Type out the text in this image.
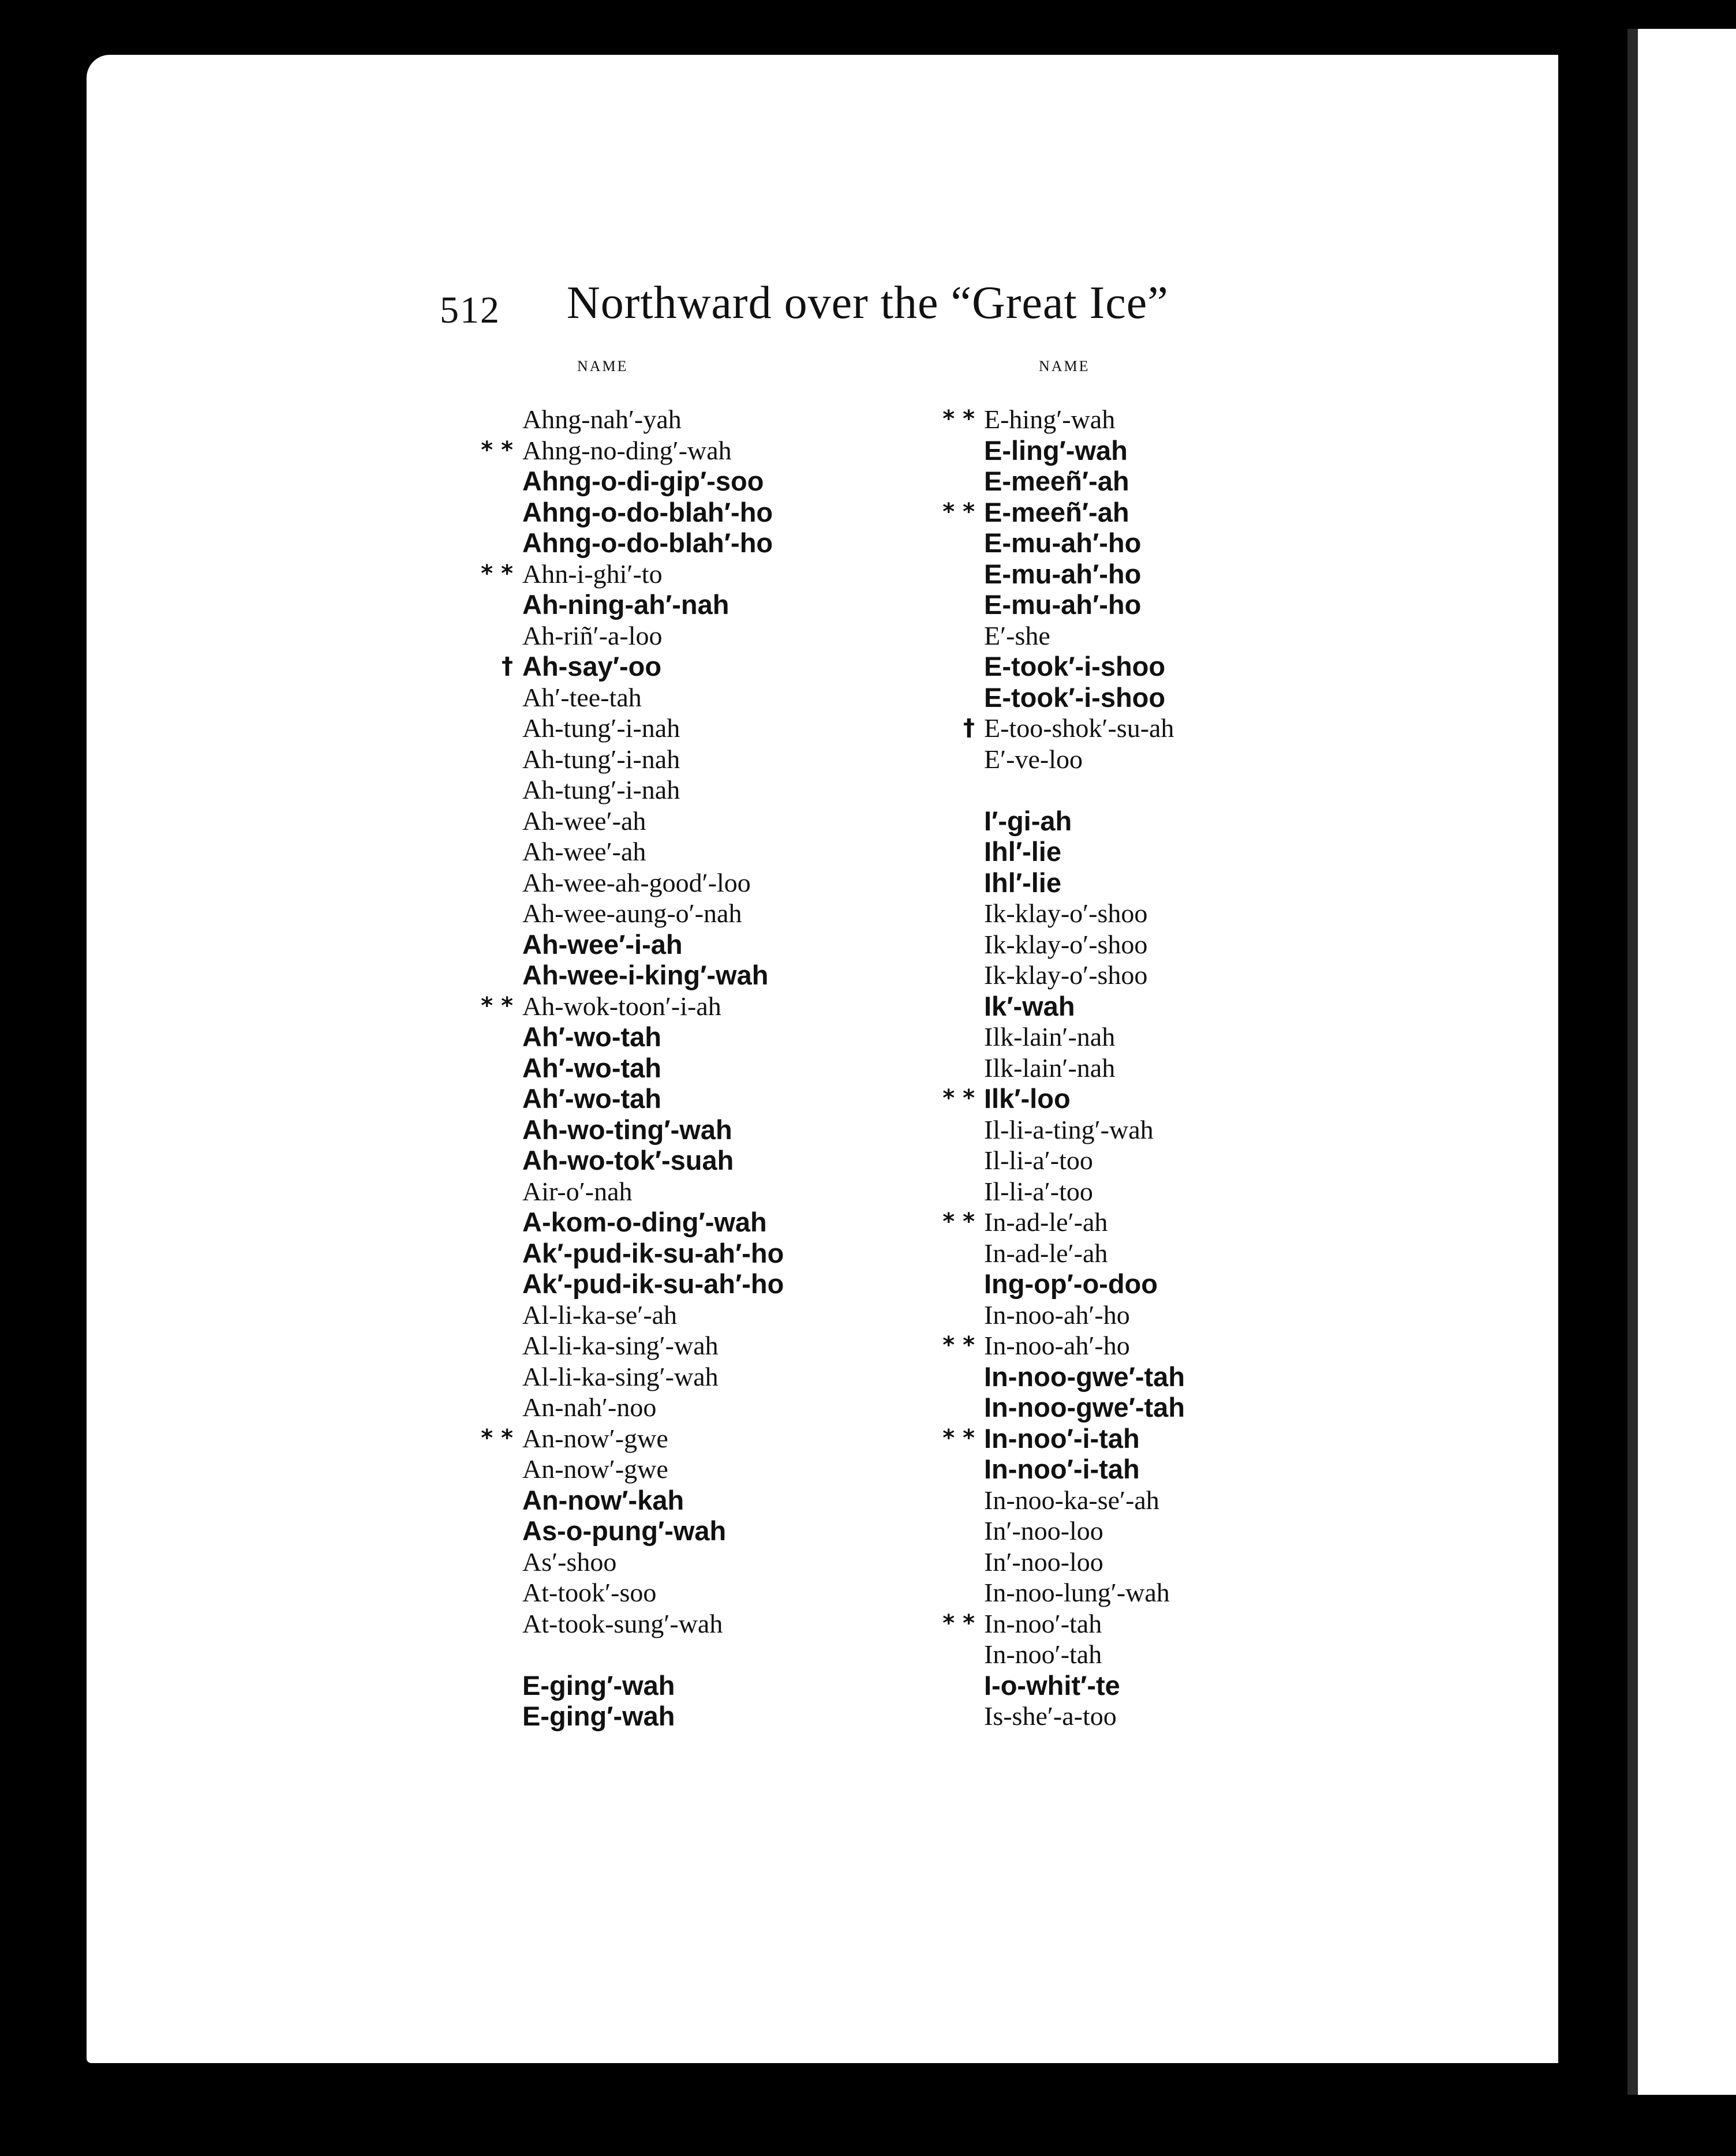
512 Northward over the “Great Ice”
NAME
Ahng-nah′-yah
* * Ahng-no-ding′-wah
Ahng-o-di-gip′-soo
Ahng-o-do-blah′-ho
Ahng-o-do-blah′-ho
* * Ahn-i-ghi′-to
Ah-ning-ah′-nah
Ah-riñ′-a-loo
† Ah-say′-oo
Ah′-tee-tah
Ah-tung′-i-nah
Ah-tung′-i-nah
Ah-tung′-i-nah
Ah-wee′-ah
Ah-wee′-ah
Ah-wee-ah-good′-loo
Ah-wee-aung-o′-nah
Ah-wee′-i-ah
Ah-wee-i-king′-wah
* * Ah-wok-toon′-i-ah
Ah′-wo-tah
Ah′-wo-tah
Ah′-wo-tah
Ah-wo-ting′-wah
Ah-wo-tok′-suah
Air-o′-nah
A-kom-o-ding′-wah
Ak′-pud-ik-su-ah′-ho
Ak′-pud-ik-su-ah′-ho
Al-li-ka-se′-ah
Al-li-ka-sing′-wah
Al-li-ka-sing′-wah
An-nah′-noo
* * An-now′-gwe
An-now′-gwe
An-now′-kah
As-o-pung′-wah
As′-shoo
At-took′-soo
At-took-sung′-wah
E-ging′-wah
E-ging′-wah
NAME
* * E-hing′-wah
E-ling′-wah
E-meeñ′-ah
* * E-meeñ′-ah
E-mu-ah′-ho
E-mu-ah′-ho
E-mu-ah′-ho
E′-she
E-took′-i-shoo
E-took′-i-shoo
† E-too-shok′-su-ah
E′-ve-loo
I′-gi-ah
Ihl′-lie
Ihl′-lie
Ik-klay-o′-shoo
Ik-klay-o′-shoo
Ik-klay-o′-shoo
Ik′-wah
Ilk-lain′-nah
Ilk-lain′-nah
* * Ilk′-loo
Il-li-a-ting′-wah
Il-li-a′-too
Il-li-a′-too
* * In-ad-le′-ah
In-ad-le′-ah
Ing-op′-o-doo
In-noo-ah′-ho
* * In-noo-ah′-ho
In-noo-gwe′-tah
In-noo-gwe′-tah
* * In-noo′-i-tah
In-noo′-i-tah
In-noo-ka-se′-ah
In′-noo-loo
In′-noo-loo
In-noo-lung′-wah
* * In-noo′-tah
In-noo′-tah
I-o-whit′-te
Is-she′-a-too
